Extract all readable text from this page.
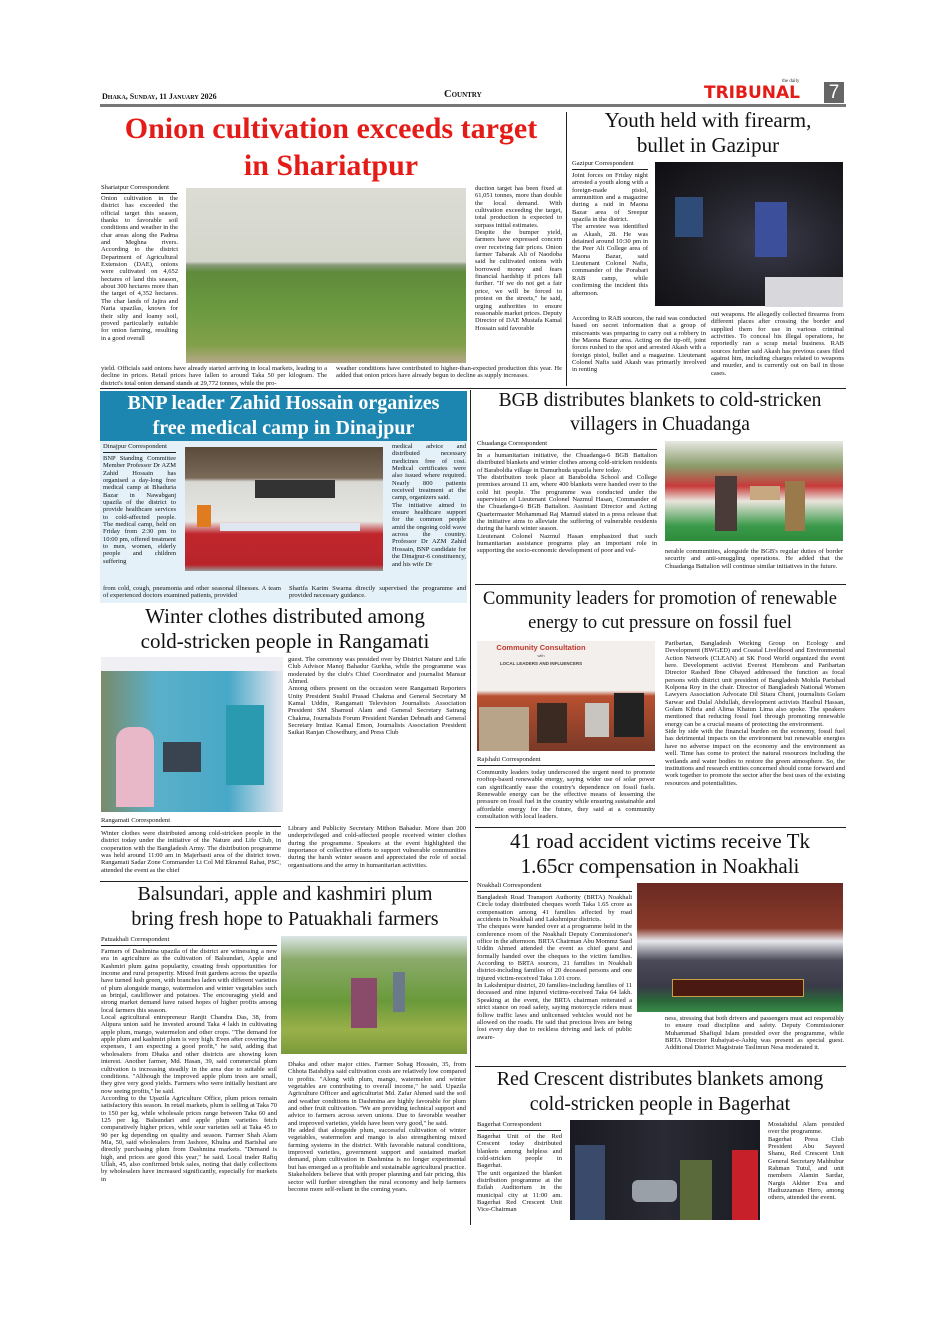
Dhaka, Sunday, 11 January 2026	Country
the daily
TRIBUNAL 7
Onion cultivation exceeds target
in Shariatpur
Shariatpur Correspondent
Onion cultivation in the district has exceeded the official target this season, thanks to favorable soil conditions and weather in the char areas along the Padma and Meghna rivers. According to the district Department of Agricultural Extension (DAE), onions were cultivated on 4,652 hectares of land this season, about 300 hectares more than the target of 4,352 hectares. The char lands of Jajira and Naria upazilas, known for their silty and loamy soil, proved particularly suitable for onion farming, resulting in a good overall
yield. Officials said onions have already started arriving in local markets, leading to a decline in prices. Retail prices have fallen to around Taka 50 per kilogram. The district's total onion demand stands at 29,772 tonnes, while the pro-
duction target has been fixed at 61,051 tonnes, more than double the local demand. With cultivation exceeding the target, total production is expected to surpass initial estimates.
Despite the bumper yield, farmers have expressed concern over receiving fair prices. Onion farmer Tabarak Ali of Naodoba said he cultivated onions with borrowed money and fears financial hardship if prices fall further. "If we do not get a fair price, we will be forced to protest on the streets," he said, urging authorities to ensure reasonable market prices. Deputy Director of DAE Mustafa Kamal Hossain said favorable
weather conditions have contributed to higher-than-expected production this year. He added that onion prices have already begun to decline as supply increases.
Youth held with firearm,
bullet in Gazipur
Gazipur Correspondent
Joint forces on Friday night arrested a youth along with a foreign-made pistol, ammunition and a magazine during a raid in Maona Bazar area of Sreepur upazila in the district.
The arrestee was identified as Akash, 28. He was detained around 10:30 pm in the Peer Ali College area of Maona Bazar, said Lieutenant Colonel Nafis, commander of the Porabari RAB camp, while confirming the incident this afternoon.
According to RAB sources, the raid was conducted based on secret information that a group of miscreants was preparing to carry out a robbery in the Maona Bazar area. Acting on the tip-off, joint forces rushed to the spot and arrested Akash with a foreign pistol, bullet and a magazine. Lieutenant Colonel Nafis said Akash was primarily involved in renting
out weapons. He allegedly collected firearms from different places after crossing the border and supplied them for use in various criminal activities. To conceal his illegal operations, he reportedly ran a scrap metal business. RAB sources further said Akash has previous cases filed against him, including charges related to weapons and murder, and is currently out on bail in those cases.
BNP leader Zahid Hossain organizes
free medical camp in Dinajpur
Dinajpur Correspondent
BNP Standing Committee Member Professor Dr AZM Zahid Hossain has organised a day-long free medical camp at Bhaduria Bazar in Nawabganj upazila of the district to provide healthcare services to cold-affected people. The medical camp, held on Friday from 2:30 pm to 10:00 pm, offered treatment to men, women, elderly people and children suffering
medical advice and distributed necessary medicines free of cost. Medical certificates were also issued where required. Nearly 800 patients received treatment at the camp, organizers said.
The initiative aimed to ensure healthcare support for the common people amid the ongoing cold wave across the country. Professor Dr AZM Zahid Hossain, BNP candidate for the Dinajpur-6 constituency, and his wife Dr
from cold, cough, pneumonia and other seasonal illnesses. A team of experienced doctors examined patients, provided
Sharifa Karim Swarna directly supervised the programme and provided necessary guidance.
BGB distributes blankets to cold-stricken
villagers in Chuadanga
Chuadanga Correspondent
In a humanitarian initiative, the Chuadanga-6 BGB Battalion distributed blankets and winter clothes among cold-stricken residents of Baraboldia village in Damurhuda upazila here today.
The distribution took place at Baraboldia School and College premises around 11 am, where 400 blankets were handed over to the cold hit people. The programme was conducted under the supervision of Lieutenant Colonel Nazmul Hasan, Commander of the Chuadanga-6 BGB Battalion. Assistant Director and Acting Quartermaster Mohammad Raj Mamud stated in a press release that the initiative aims to alleviate the suffering of vulnerable residents during the harsh winter season.
Lieutenant Colonel Nazmul Hasan emphasized that such humanitarian assistance programs play an important role in supporting the socio-economic development of poor and vul-	nerable communities, alongside the BGB's regular duties of border security and anti-smuggling operations. He added that the Chuadanga Battalion will continue similar initiatives in the future.
Winter clothes distributed among
cold-stricken people in Rangamati
guest. The ceremony was presided over by District Nature and Life Club Advisor Manoj Bahadur Gurkha, while the programme was moderated by the club's Chief Coordinator and journalist Mansur Ahmed.
Among others present on the occasion were Rangamati Reporters Unity President Sushil Prasad Chakma and General Secretary M Kamal Uddin, Rangamati Television Journalists Association President SM Shamsul Alam and General Secretary Satrang Chakma, Journalists Forum President Nandan Debnath and General Secretary Imtiaz Kamal Emon, Journalists Association President Saikat Ranjan Chowdhury, and Press Club
Rangamati Correspondent
Winter clothes were distributed among cold-stricken people in the district today under the initiative of the Nature and Life Club, in cooperation with the Bangladesh Army. The distribution programme was held around 11:00 am in Majerbasti area of the district town. Rangamati Sadar Zone Commander Lt Col Md Ekramul Rahat, PSC, attended the event as the chief
Library and Publicity Secretary Mithon Bahadur. More than 200 underprivileged and cold-affected people received winter clothes during the programme. Speakers at the event highlighted the importance of collective efforts to support vulnerable communities during the harsh winter season and appreciated the role of social organisations and the army in humanitarian activities.
Community leaders for promotion of renewable
energy to cut pressure on fossil fuel
Community Consultation
with
LOCAL LEADERS AND INFLUENCERS
Rajshahi Correspondent
Community leaders today underscored the urgent need to promote rooftop-based renewable energy, saying wider use of solar power can significantly ease the country's dependence on fossil fuels. Renewable energy can be the effective means of lessening the pressure on fossil fuel in the country while ensuring sustainable and affordable energy for the future, they said at a community consultation with local leaders.
Paribartan, Bangladesh Working Group on Ecology and Development (BWGED) and Coastal Livelihood and Environmental Action Network (CLEAN) at SK Food World organized the event here. Development activist Everest Hembrom and Paribartan Director Rashed Ibne Obayed addressed the function as focal persons with district unit president of Bangladesh Mohila Parishad Kolpona Roy in the chair. Director of Bangladesh National Women Lawyers Association Advocate Dil Sitara Chuni, journalists Golam Sarwar and Dulal Abdullah, development activists Hasibul Hassan, Golam Kibria and Alima Khatun Lima also spoke. The speakers mentioned that reducing fossil fuel through promoting renewable energy can be a crucial means of protecting the environment.
Side by side with the financial burden on the economy, fossil fuel has detrimental impacts on the environment but renewable energies have no adverse impact on the economy and the environment as well. Time has come to protect the natural resources including the wetlands and water bodies to restore the green atmosphere. So, the institutions and research entities concerned should come forward and work together to promote the sector after the best uses of the existing resources and potentialities.
41 road accident victims receive Tk
1.65cr compensation in Noakhali
Noakhali Correspondent
Bangladesh Road Transport Authority (BRTA) Noakhali Circle today distributed cheques worth Taka 1.65 crore as compensation among 41 families affected by road accidents in Noakhali and Lakshmipur districts.
The cheques were handed over at a programme held in the conference room of the Noakhali Deputy Commissioner's office in the afternoon. BRTA Chairman Abu Mommz Saad Uddin Ahmed attended the event as chief guest and formally handed over the cheques to the victim families. According to BRTA sources, 21 families in Noakhali district-including families of 20 deceased persons and one injured victim-received Taka 1.01 crore.
In Lakshmipur district, 20 families-including families of 11 deceased and nine injured victims-received Taka 64 lakh. Speaking at the event, the BRTA chairman reiterated a strict stance on road safety, saying motorcycle riders must follow traffic laws and unlicensed vehicles would not be allowed on the roads. He said that precious lives are being lost every day due to reckless driving and lack of public aware-
ness, stressing that both drivers and passengers must act responsibly to ensure road discipline and safety. Deputy Commissioner Muhammad Shafiqul Islam presided over the programme, while BRTA Director Rubaiyat-e-Ashiq was present as special guest. Additional District Magistrate Taslimun Nesa moderated it.
Balsundari, apple and kashmiri plum
bring fresh hope to Patuakhali farmers
Patuakhali Correspondent
Farmers of Dashmina upazila of the district are witnessing a new era in agriculture as the cultivation of Balsundari, Apple and Kashmiri plum gains popularity, creating fresh opportunities for income and rural prosperity. Mixed fruit gardens across the upazila have turned lush green, with branches laden with different varieties of plum alongside mango, watermelon and winter vegetables such as brinjal, cauliflower and potatoes. The encouraging yield and strong market demand have raised hopes of higher profits among local farmers this season.
Local agricultural entrepreneur Ranjit Chandra Das, 38, from Alipura union said he invested around Taka 4 lakh in cultivating apple plum, mango, watermelon and other crops. "The demand for apple plum and kashmiri plum is very high. Even after covering the expenses, I am expecting a good profit," he said, adding that wholesalers from Dhaka and other districts are showing keen interest. Another farmer, Md. Hasan, 39, said commercial plum cultivation is increasing steadily in the area due to suitable soil conditions. "Although the improved apple plum trees are small, they give very good yields. Farmers who were initially hesitant are now seeing profits," he said.
According to the Upazila Agriculture Office, plum prices remain satisfactory this season. In retail markets, plum is selling at Taka 70 to 150 per kg, while wholesale prices range between Taka 60 and 125 per kg. Balsundari and apple plum varieties fetch comparatively higher prices, while sour varieties sell at Taka 45 to 90 per kg depending on quality and season. Farmer Shah Alam Mia, 50, said wholesalers from Jashore, Khulna and Barishal are directly purchasing plum from Dashmina markets. "Demand is high, and prices are good this year," he said. Local trader Rafiq Ullah, 45, also confirmed brisk sales, noting that daily collections by wholesalers have increased significantly, especially for markets in
Dhaka and other major cities. Farmer Sohag Hossain, 35, from Chhota Baishdiya said cultivation costs are relatively low compared to profits. "Along with plum, mango, watermelon and winter vegetables are contributing to overall income," he said. Upazila Agriculture Officer and agriculturist Md. Zafar Ahmed said the soil and weather conditions in Dashmina are highly favorable for plum and other fruit cultivation. "We are providing technical support and advice to farmers across seven unions. Due to favorable weather and improved varieties, yields have been very good," he said.
He added that alongside plum, successful cultivation of winter vegetables, watermelon and mango is also strengthening mixed farming systems in the district. With favorable natural conditions, improved varieties, government support and sustained market demand, plum cultivation in Dashmina is no longer experimental but has emerged as a profitable and sustainable agricultural practice. Stakeholders believe that with proper planning and fair pricing, this sector will further strengthen the rural economy and help farmers become more self-reliant in the coming years.
Red Crescent distributes blankets among
cold-stricken people in Bagerhat
Bagerhat Correspondent
Bagerhat Unit of the Red Crescent today distributed blankets among helpless and cold-stricken people in Bagerhat.
The unit organized the blanket distribution programme at the Esilah Auditorium in the municipal city at 11:00 am. Bagerhat Red Crescent Unit Vice-Chairman
Mostahidul Alam presided over the programme.
Bagerhat Press Club President Abu Sayeed Shanu, Red Crescent Unit General Secretary Mahbubur Rahman Tutul, and unit members Alamin Sardar, Nargis Akhter Eva and Hadiuzzaman Hero, among others, attended the event.
